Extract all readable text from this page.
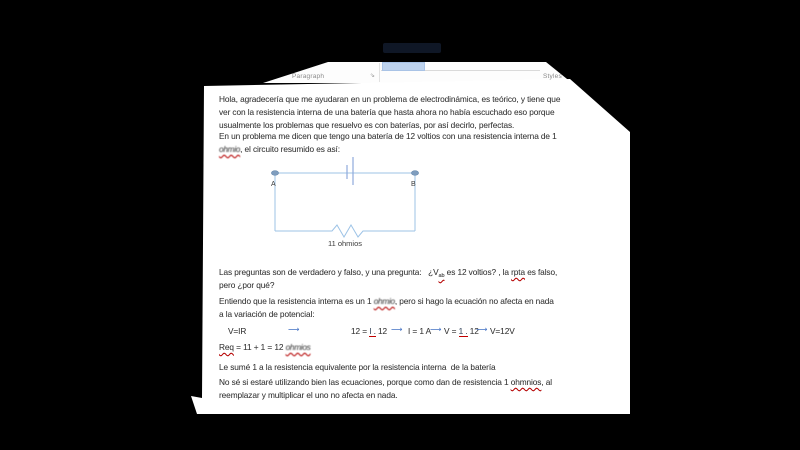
Paragraph	⇘	Styles
Hola, agradecería que me ayudaran en un problema de electrodinámica, es teórico, y tiene que
ver con la resistencia interna de una batería que hasta ahora no había escuchado eso porque
usualmente los problemas que resuelvo es con baterías, por así decirlo, perfectas.
En un problema me dicen que tengo una batería de 12 voltios con una resistencia interna de 1
ohmio, el circuito resumido es así:
A	B
11 ohmios
Las preguntas son de verdadero y falso, y una pregunta:   ¿$V_{ab}$ es 12 voltios? , la rpta es falso,
pero ¿por qué?
Entiendo que la resistencia interna es un 1 ohmio, pero si hago la ecuación no afecta en nada
a la variación de potencial:
V=IR	⟶	12 = I . 12 ⟶ I = 1 A
⟶ V = 1 . 12
⟶ V=12V
Req = 11 + 1 = 12 ohmios
Le sumé 1 a la resistencia equivalente por la resistencia interna  de la batería
No sé si estaré utilizando bien las ecuaciones, porque como dan de resistencia 1 ohmnios, al
reemplazar y multiplicar el uno no afecta en nada.
